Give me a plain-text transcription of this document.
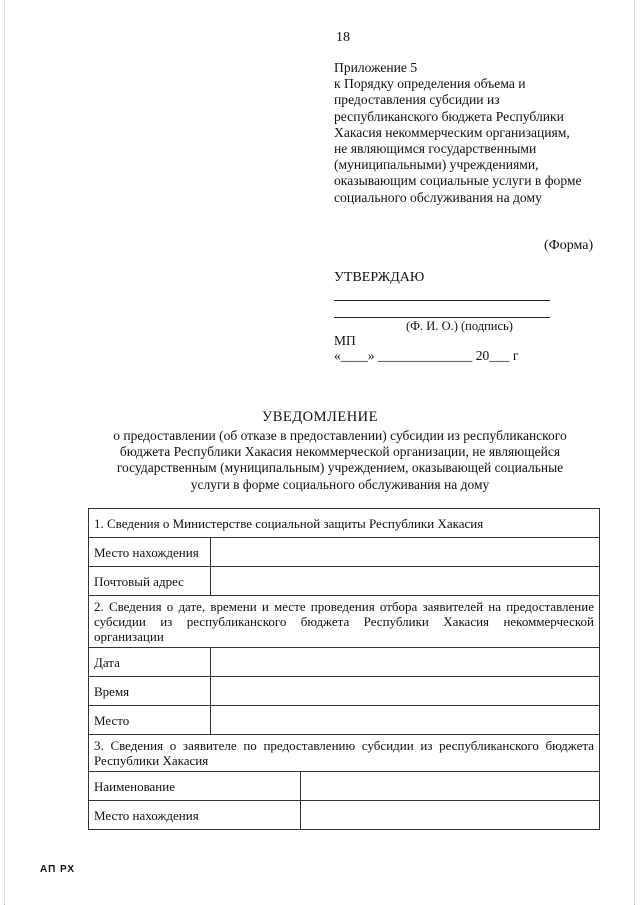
18
Приложение 5
к Порядку определения объема и
предоставления субсидии из
республиканского бюджета Республики
Хакасия некоммерческим организациям,
не являющимся государственными
(муниципальными) учреждениями,
оказывающим социальные услуги в форме
социального обслуживания на дому
(Форма)
УТВЕРЖДАЮ
(Ф. И. О.) (подпись)
МП
«____» ______________ 20___ г
УВЕДОМЛЕНИЕ
о предоставлении (об отказе в предоставлении) субсидии из республиканского
бюджета Республики Хакасия некоммерческой организации, не являющейся
государственным (муниципальным) учреждением, оказывающей социальные
услуги в форме социального обслуживания на дому
1. Сведения о Министерстве социальной защиты Республики Хакасия		
Место нахождения		
Почтовый адрес		
2. Сведения о дате, времени и месте проведения отбора заявителей на предоставление субсидии из республиканского бюджета Республики Хакасия некоммерческой организации		
Дата		
Время		
Место		
3. Сведения о заявителе по предоставлению субсидии из республиканского бюджета Республики Хакасия		
Наименование		
Место нахождения		
АП РХ
